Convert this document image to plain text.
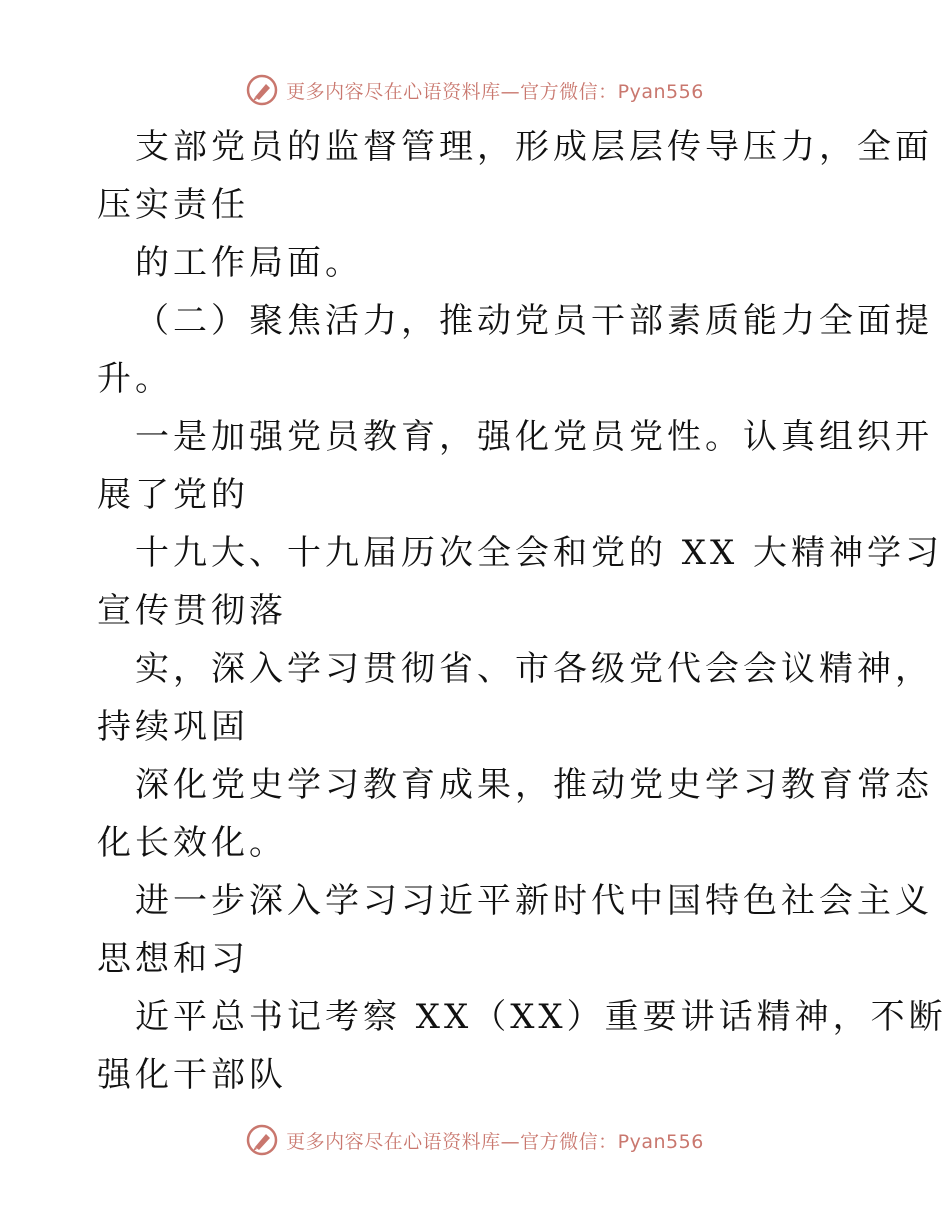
更多内容尽在心语资料库—官方微信：Pyan556
支部党员的监督管理，形成层层传导压力，全面
压实责任
的工作局面。
（二）聚焦活力，推动党员干部素质能力全面提
升。
一是加强党员教育，强化党员党性。认真组织开
展了党的
十九大、十九届历次全会和党的 XX 大精神学习
宣传贯彻落
实，深入学习贯彻省、市各级党代会会议精神，
持续巩固
深化党史学习教育成果，推动党史学习教育常态
化长效化。
进一步深入学习习近平新时代中国特色社会主义
思想和习
近平总书记考察 XX（XX）重要讲话精神，不断
强化干部队
更多内容尽在心语资料库—官方微信：Pyan556
